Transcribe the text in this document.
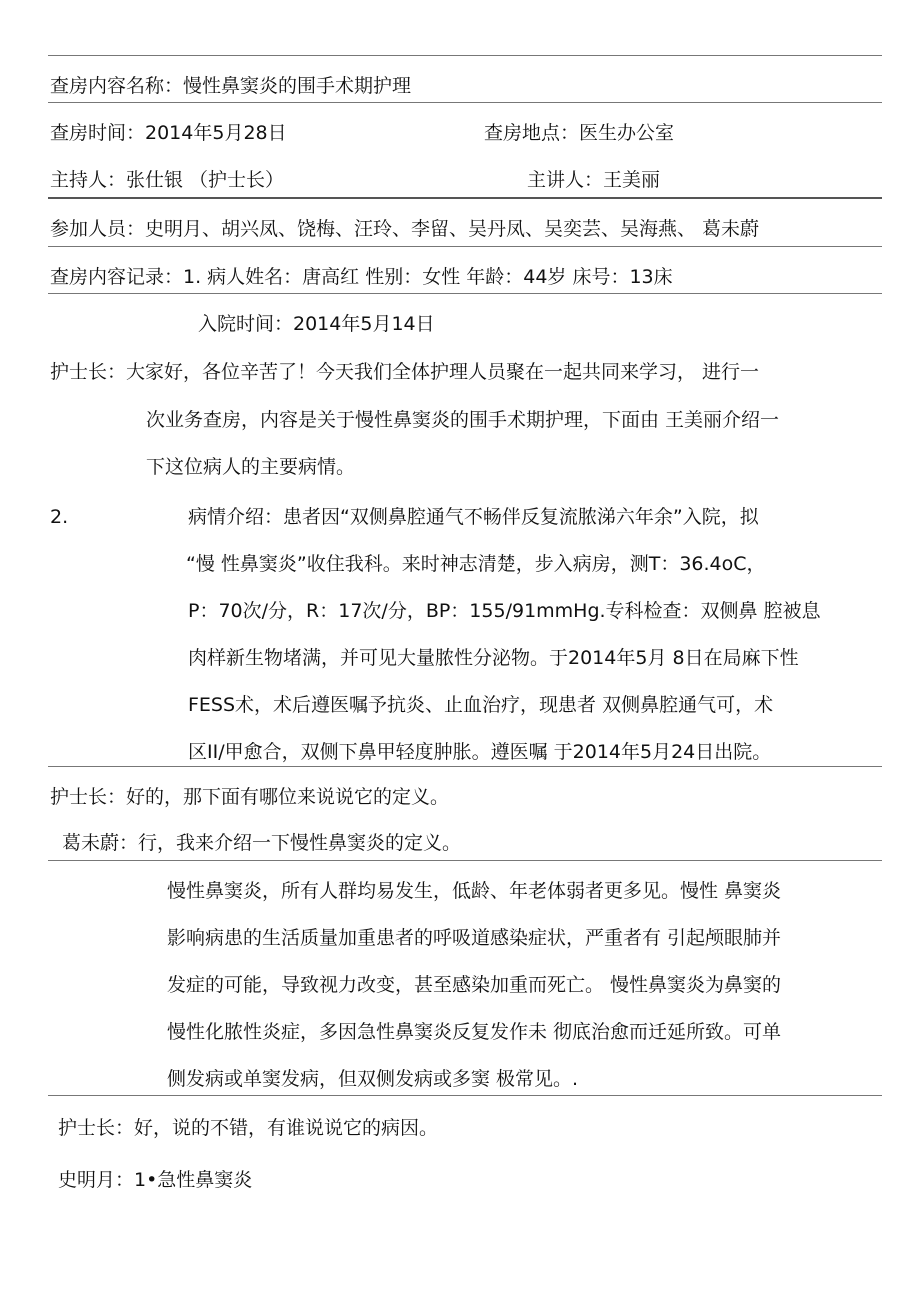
查房内容名称：慢性鼻窦炎的围手术期护理
查房时间：2014年5月28日	查房地点：医生办公室
主持人：张仕银 （护士长）	主讲人：王美丽
参加人员：史明月、胡兴凤、饶梅、汪玲、李留、吴丹凤、吴奕芸、吴海燕、 葛未蔚
查房内容记录：1. 病人姓名：唐高红 性别：女性 年龄：44岁 床号：13床
入院时间：2014年5月14日
护士长：大家好，各位辛苦了！今天我们全体护理人员聚在一起共同来学习， 进行一
次业务查房，内容是关于慢性鼻窦炎的围手术期护理，下面由 王美丽介绍一
下这位病人的主要病情。
2.	病情介绍：患者因“双侧鼻腔通气不畅伴反复流脓涕六年余”入院，拟
“慢 性鼻窦炎”收住我科。来时神志清楚，步入病房，测T：36.4oC，
P：70次/分，R：17次/分，BP：155/91mmHg.专科检查：双侧鼻 腔被息
肉样新生物堵满，并可见大量脓性分泌物。于2014年5月 8日在局麻下性
FESS术，术后遵医嘱予抗炎、止血治疗，现患者 双侧鼻腔通气可，术
区II/甲愈合，双侧下鼻甲轻度肿胀。遵医嘱 于2014年5月24日出院。
护士长：好的，那下面有哪位来说说它的定义。
葛未蔚：行，我来介绍一下慢性鼻窦炎的定义。
慢性鼻窦炎，所有人群均易发生，低龄、年老体弱者更多见。慢性 鼻窦炎
影响病患的生活质量加重患者的呼吸道感染症状，严重者有 引起颅眼肺并
发症的可能，导致视力改变，甚至感染加重而死亡。 慢性鼻窦炎为鼻窦的
慢性化脓性炎症，多因急性鼻窦炎反复发作未 彻底治愈而迁延所致。可单
侧发病或单窦发病，但双侧发病或多窦 极常见。.
护士长：好，说的不错，有谁说说它的病因。
史明月：1•急性鼻窦炎
